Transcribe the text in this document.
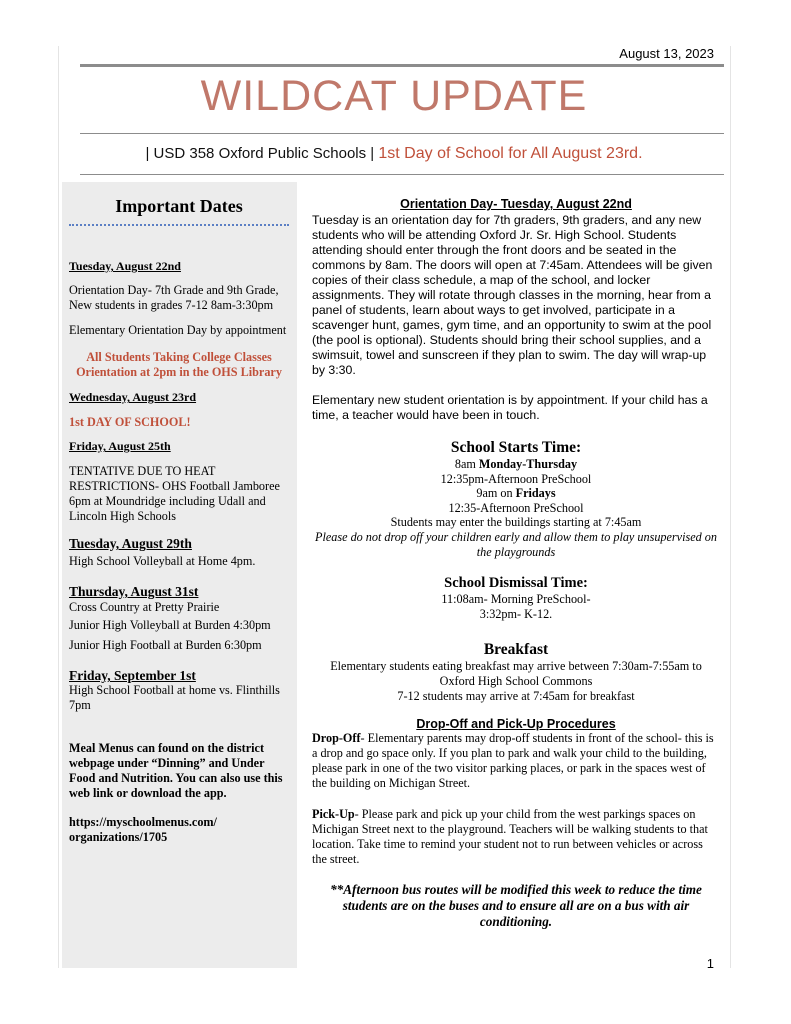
August 13, 2023
WILDCAT UPDATE
| USD 358 Oxford Public Schools | 1st Day of School for All August 23rd.
Important Dates

Tuesday, August 22nd

Orientation Day- 7th Grade and 9th Grade, New students in grades 7-12 8am-3:30pm

Elementary Orientation Day by appointment

All Students Taking College Classes Orientation at 2pm in the OHS Library

Wednesday, August 23rd

1st DAY OF SCHOOL!

Friday, August 25th

TENTATIVE DUE TO HEAT RESTRICTIONS- OHS Football Jamboree 6pm at Moundridge including Udall and Lincoln High Schools

Tuesday, August 29th

High School Volleyball at Home 4pm.

Thursday, August 31st

Cross Country at Pretty Prairie

Junior High Volleyball at Burden 4:30pm

Junior High Football at Burden 6:30pm

Friday, September 1st

High School Football at home vs. Flinthills 7pm

Meal Menus can found on the district webpage under “Dinning” and Under Food and Nutrition. You can also use this web link or download the app.

https://myschoolmenus.com/ organizations/1705

Orientation Day- Tuesday, August 22nd

Tuesday is an orientation day for 7th graders, 9th graders, and any new students who will be attending Oxford Jr. Sr. High School. Students attending should enter through the front doors and be seated in the commons by 8am. The doors will open at 7:45am. Attendees will be given copies of their class schedule, a map of the school, and locker assignments. They will rotate through classes in the morning, hear from a panel of students, learn about ways to get involved, participate in a scavenger hunt, games, gym time, and an opportunity to swim at the pool (the pool is optional). Students should bring their school supplies, and a swimsuit, towel and sunscreen if they plan to swim. The day will wrap-up by 3:30.

Elementary new student orientation is by appointment. If your child has a time, a teacher would have been in touch.

School Starts Time:

8am Monday-Thursday

12:35pm-Afternoon PreSchool

9am on Fridays

12:35-Afternoon PreSchool

Students may enter the buildings starting at 7:45am

Please do not drop off your children early and allow them to play unsupervised on the playgrounds

School Dismissal Time:

11:08am- Morning PreSchool-

3:32pm- K-12.

Breakfast

Elementary students eating breakfast may arrive between 7:30am-7:55am to Oxford High School Commons

7-12 students may arrive at 7:45am for breakfast

Drop-Off and Pick-Up Procedures

Drop-Off- Elementary parents may drop-off students in front of the school- this is a drop and go space only. If you plan to park and walk your child to the building, please park in one of the two visitor parking places, or park in the spaces west of the building on Michigan Street.

Pick-Up- Please park and pick up your child from the west parkings spaces on Michigan Street next to the playground. Teachers will be walking students to that location. Take time to remind your student not to run between vehicles or across the street.

**Afternoon bus routes will be modified this week to reduce the time students are on the buses and to ensure all are on a bus with air conditioning.

1
